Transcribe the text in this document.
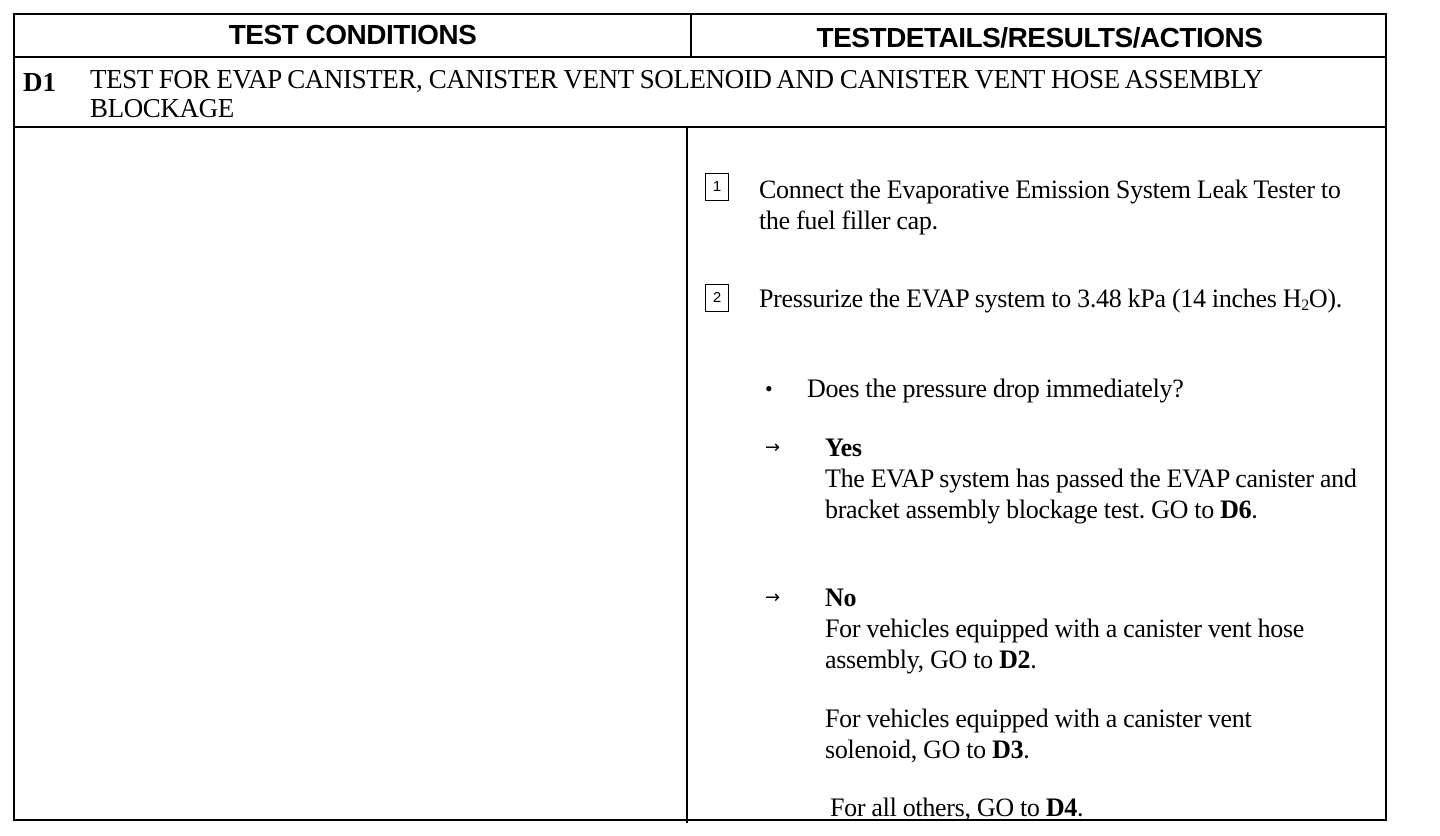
TEST CONDITIONS	TESTDETAILS/RESULTS/ACTIONS
D1 TEST FOR EVAP CANISTER, CANISTER VENT SOLENOID AND CANISTER VENT HOSE ASSEMBLY BLOCKAGE
1	Connect the Evaporative Emission System Leak Tester to the fuel filler cap.
2	Pressurize the EVAP system to 3.48 kPa (14 inches $H_2O$).
• Does the pressure drop immediately?
→ Yes
The EVAP system has passed the EVAP canister and bracket assembly blockage test. GO to D6.
→ No
For vehicles equipped with a canister vent hose assembly, GO to D2.
For vehicles equipped with a canister vent solenoid, GO to D3.
For all others, GO to D4.
